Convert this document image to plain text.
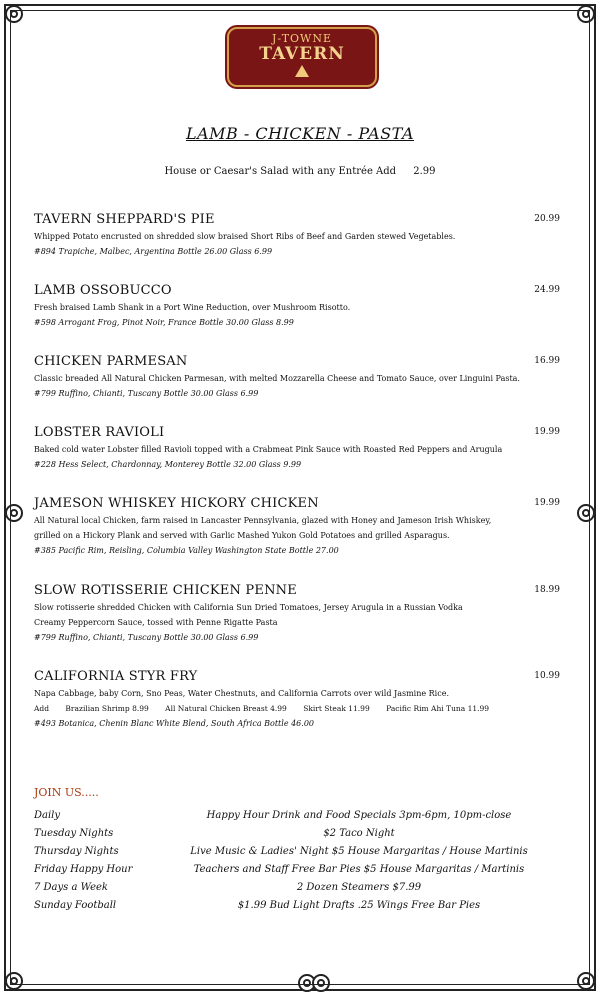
J-TOWNE
TAVERN
LAMB - CHICKEN - PASTA
House or Caesar's Salad with any Entrée Add 2.99
TAVERN SHEPPARD'S PIE	20.99
Whipped Potato encrusted on shredded slow braised Short Ribs of Beef and Garden stewed Vegetables.
#894 Trapiche, Malbec, Argentina Bottle 26.00 Glass 6.99
LAMB OSSOBUCCO	24.99
Fresh braised Lamb Shank in a Port Wine Reduction, over Mushroom Risotto.
#598 Arrogant Frog, Pinot Noir, France Bottle 30.00 Glass 8.99
CHICKEN PARMESAN	16.99
Classic breaded All Natural Chicken Parmesan, with melted Mozzarella Cheese and Tomato Sauce, over Linguini Pasta.
#799 Ruffino, Chianti, Tuscany Bottle 30.00 Glass 6.99
LOBSTER RAVIOLI	19.99
Baked cold water Lobster filled Ravioli topped with a Crabmeat Pink Sauce with Roasted Red Peppers and Arugula
#228 Hess Select, Chardonnay, Monterey Bottle 32.00 Glass 9.99
JAMESON WHISKEY HICKORY CHICKEN	19.99
All Natural local Chicken, farm raised in Lancaster Pennsylvania, glazed with Honey and Jameson Irish Whiskey,
grilled on a Hickory Plank and served with Garlic Mashed Yukon Gold Potatoes and grilled Asparagus.
#385 Pacific Rim, Reisling, Columbia Valley Washington State Bottle 27.00
SLOW ROTISSERIE CHICKEN PENNE	18.99
Slow rotisserie shredded Chicken with California Sun Dried Tomatoes, Jersey Arugula in a Russian Vodka
Creamy Peppercorn Sauce, tossed with Penne Rigatte Pasta
#799 Ruffino, Chianti, Tuscany Bottle 30.00 Glass 6.99
CALIFORNIA STYR FRY	10.99
Napa Cabbage, baby Corn, Sno Peas, Water Chestnuts, and California Carrots over wild Jasmine Rice.
Add Brazilian Shrimp 8.99 All Natural Chicken Breast 4.99 Skirt Steak 11.99 Pacific Rim Ahi Tuna 11.99
#493 Botanica, Chenin Blanc White Blend, South Africa Bottle 46.00
JOIN US.....
Daily	Happy Hour Drink and Food Specials 3pm-6pm, 10pm-close
Tuesday Nights	$2 Taco Night
Thursday Nights	Live Music & Ladies' Night $5 House Margaritas / House Martinis
Friday Happy Hour	Teachers and Staff Free Bar Pies $5 House Margaritas / Martinis
7 Days a Week	2 Dozen Steamers $7.99
Sunday Football	$1.99 Bud Light Drafts .25 Wings Free Bar Pies
